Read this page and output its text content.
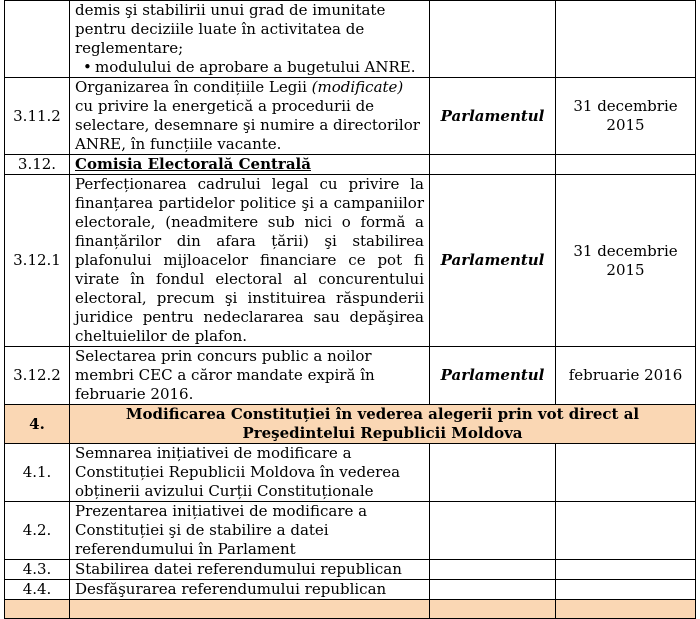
	demis şi stabilirii unui grad de imunitate pentru deciziile luate în activitatea de reglementare;
• modulului de aprobare a bugetului ANRE.		

3.11.2	Organizarea în condițiile Legii (modificate) cu privire la energetică a procedurii de selectare, desemnare şi numire a directorilor ANRE, în funcțiile vacante.	Parlamentul	31 decembrie 2015
3.12.	Comisia Electorală Centrală		
3.12.1	Perfecționarea cadrului legal cu privire la finanțarea partidelor politice şi a campaniilor electorale, (neadmitere sub nici o formă a finanțărilor din afara țării) şi stabilirea plafonului mijloacelor financiare ce pot fi virate în fondul electoral al concurentului electoral, precum şi instituirea răspunderii juridice pentru nedeclararea sau depăşirea cheltuielilor de plafon.	Parlamentul	31 decembrie 2015
3.12.2	Selectarea prin concurs public a noilor membri CEC a căror mandate expiră în februarie 2016.	Parlamentul	februarie 2016
4.	Modificarea Constituției în vederea alegerii prin vot direct al Preşedintelui Republicii Moldova		
4.1.	Semnarea inițiativei de modificare a Constituției Republicii Moldova în vederea obținerii avizului Curții Constituționale		
4.2.	Prezentarea inițiativei de modificare a Constituției şi de stabilire a datei referendumului în Parlament		
4.3.	Stabilirea datei referendumului republican		
4.4.	Desfăşurarea referendumului republican		
